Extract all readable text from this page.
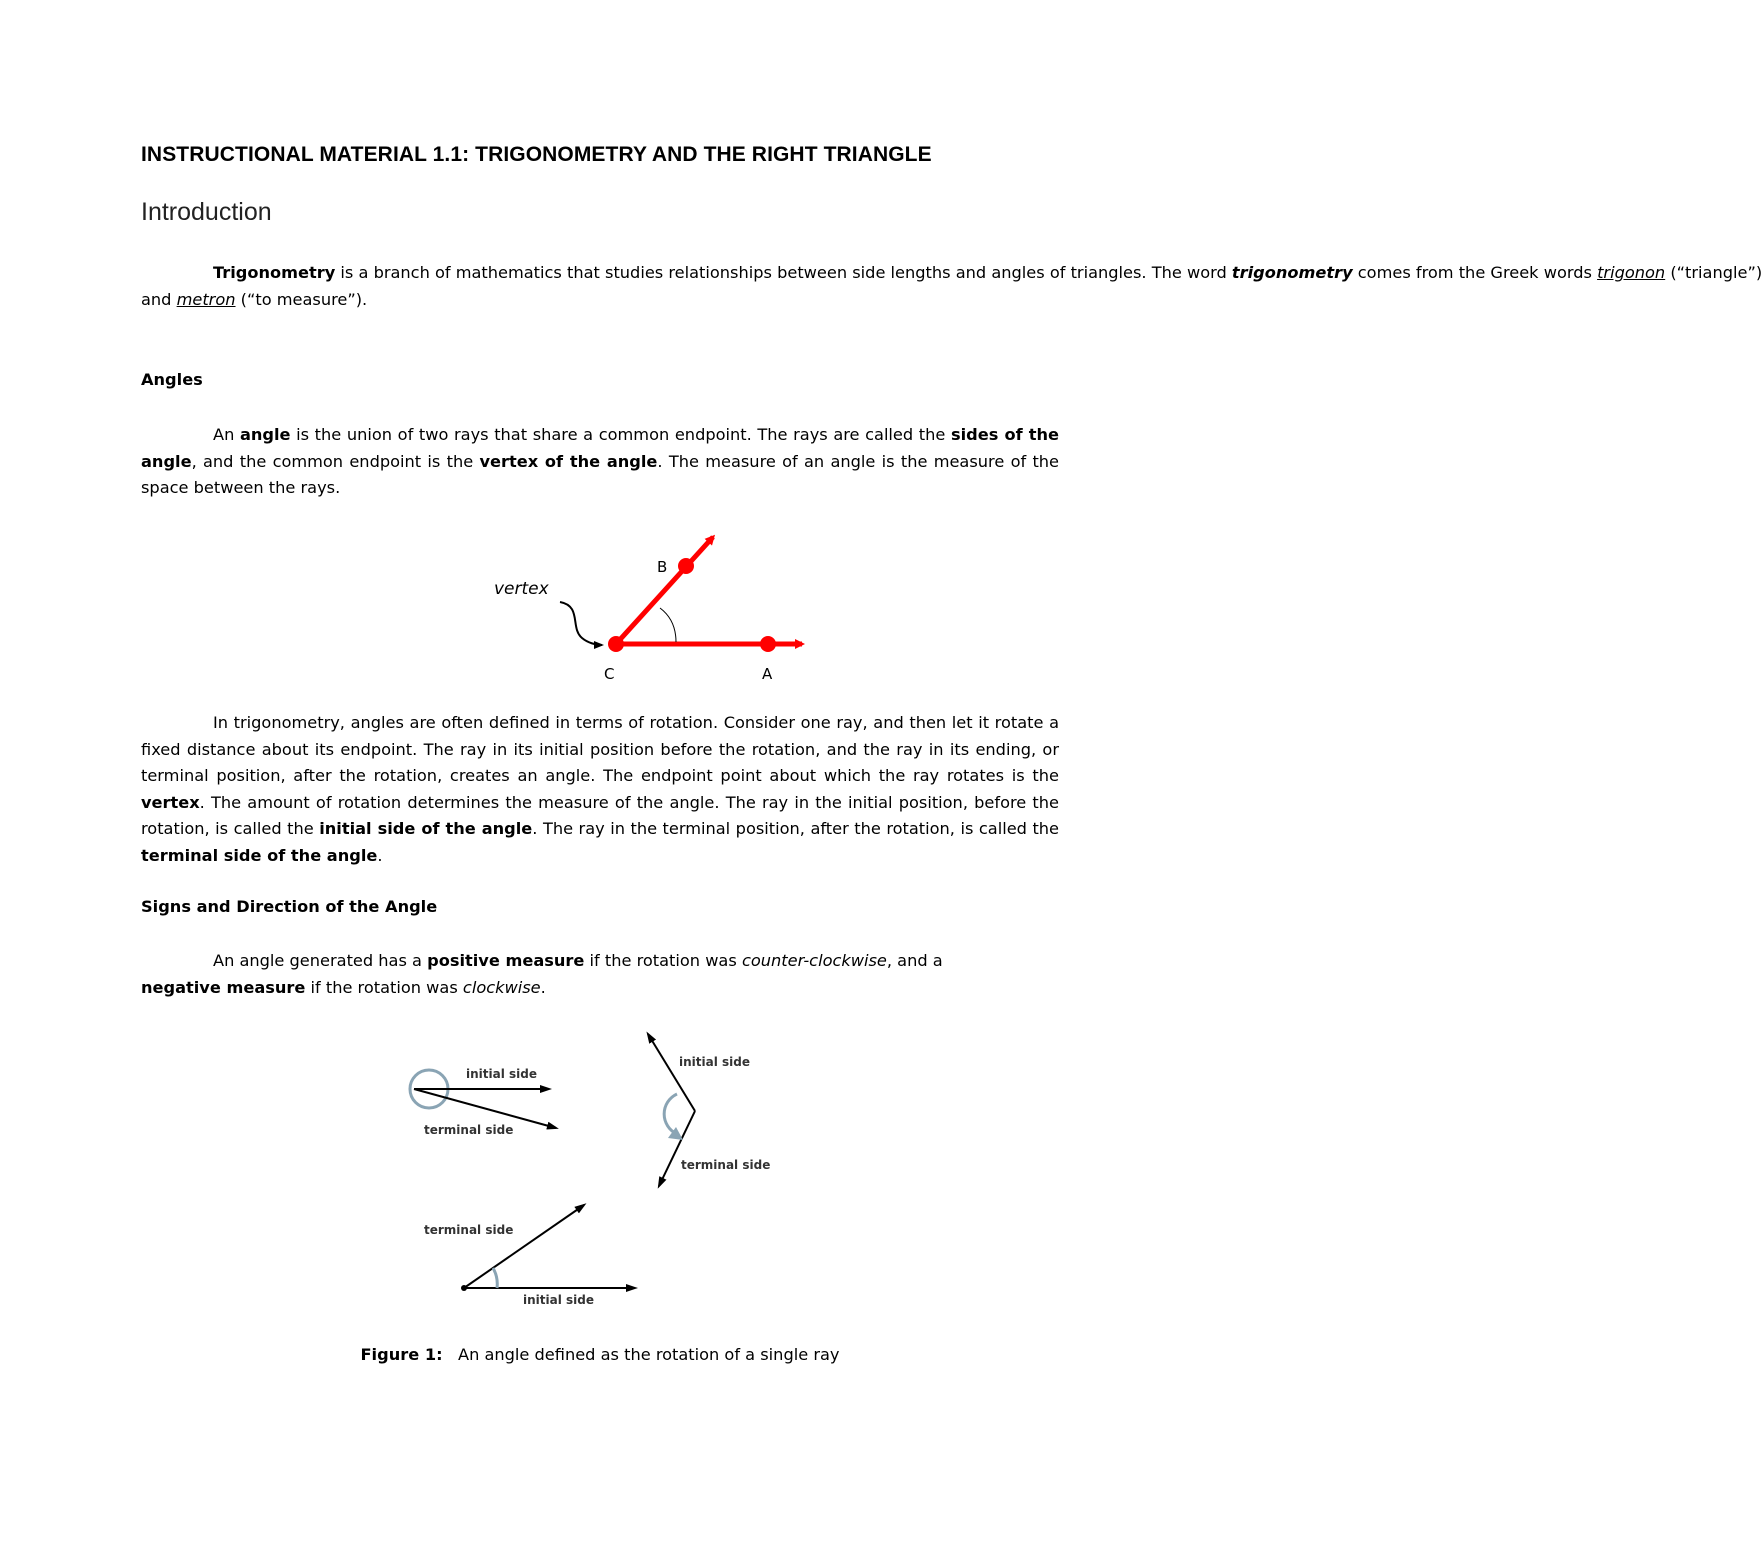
INSTRUCTIONAL MATERIAL 1.1: TRIGONOMETRY AND THE RIGHT TRIANGLE
Introduction
Trigonometry is a branch of mathematics that studies relationships between side lengths and angles of triangles. The word trigonometry comes from the Greek words trigonon (“triangle”)
and metron (“to measure”).
Angles
An angle is the union of two rays that share a common endpoint. The rays are called the sides of the angle, and the common endpoint is the vertex of the angle. The measure of an angle is the measure of the space between the rays.
vertex
B
C	A
initial side
terminal side
initial side
terminal side
terminal side
initial side
In trigonometry, angles are often defined in terms of rotation. Consider one ray, and then let it rotate a fixed distance about its endpoint. The ray in its initial position before the rotation, and the ray in its ending, or terminal position, after the rotation, creates an angle. The endpoint point about which the ray rotates is the vertex. The amount of rotation determines the measure of the angle. The ray in the initial position, before the rotation, is called the initial side of the angle. The ray in the terminal position, after the rotation, is called the terminal side of the angle.
Signs and Direction of the Angle
An angle generated has a positive measure if the rotation was counter-clockwise, and a
negative measure if the rotation was clockwise.
Figure 1:   An angle defined as the rotation of a single ray
